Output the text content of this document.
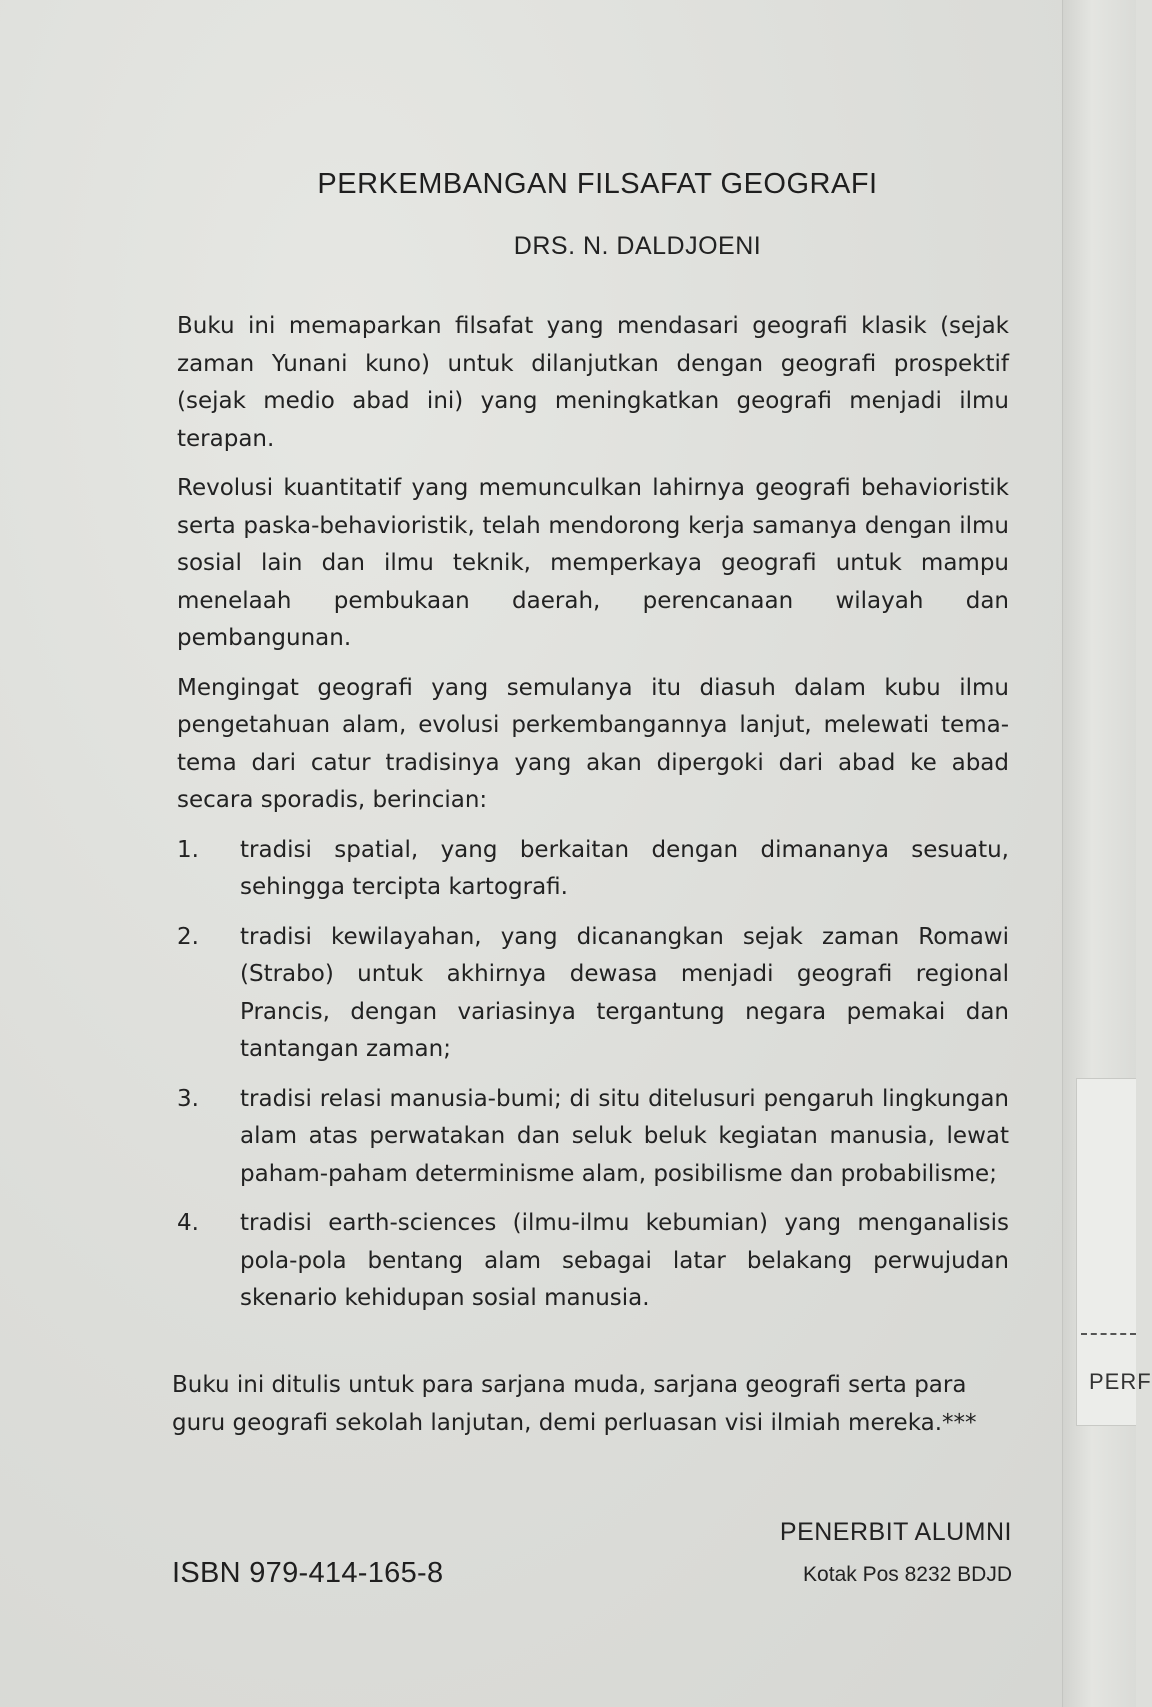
PERF
PERKEMBANGAN FILSAFAT GEOGRAFI
DRS. N. DALDJOENI

Buku ini memaparkan filsafat yang mendasari geografi klasik (sejak zaman Yunani kuno) untuk dilanjutkan dengan geografi prospektif (sejak medio abad ini) yang meningkatkan geografi menjadi ilmu terapan.

Revolusi kuantitatif yang memunculkan lahirnya geografi behavioristik serta paska-behavioristik, telah mendorong kerja samanya dengan ilmu sosial lain dan ilmu teknik, memperkaya geografi untuk mampu menelaah pembukaan daerah, perencanaan wilayah dan pembangunan.

Mengingat geografi yang semulanya itu diasuh dalam kubu ilmu pengetahuan alam, evolusi perkembangannya lanjut, melewati tema-tema dari catur tradisinya yang akan dipergoki dari abad ke abad secara sporadis, berincian:

1.	tradisi spatial, yang berkaitan dengan dimananya sesuatu, sehingga tercipta kartografi.
2.	tradisi kewilayahan, yang dicanangkan sejak zaman Romawi (Strabo) untuk akhirnya dewasa menjadi geografi regional Prancis, dengan variasinya tergantung negara pemakai dan tantangan zaman;
3.	tradisi relasi manusia-bumi; di situ ditelusuri pengaruh lingkungan alam atas perwatakan dan seluk beluk kegiatan manusia, lewat paham-paham determinisme alam, posibilisme dan probabilisme;
4.	tradisi earth-sciences (ilmu-ilmu kebumian) yang menganalisis pola-pola bentang alam sebagai latar belakang perwujudan skenario kehidupan sosial manusia.

Buku ini ditulis untuk para sarjana muda, sarjana geografi serta para guru geografi sekolah lanjutan, demi perluasan visi ilmiah mereka.***

PENERBIT ALUMNI
Kotak Pos 8232 BDJD
ISBN 979-414-165-8
